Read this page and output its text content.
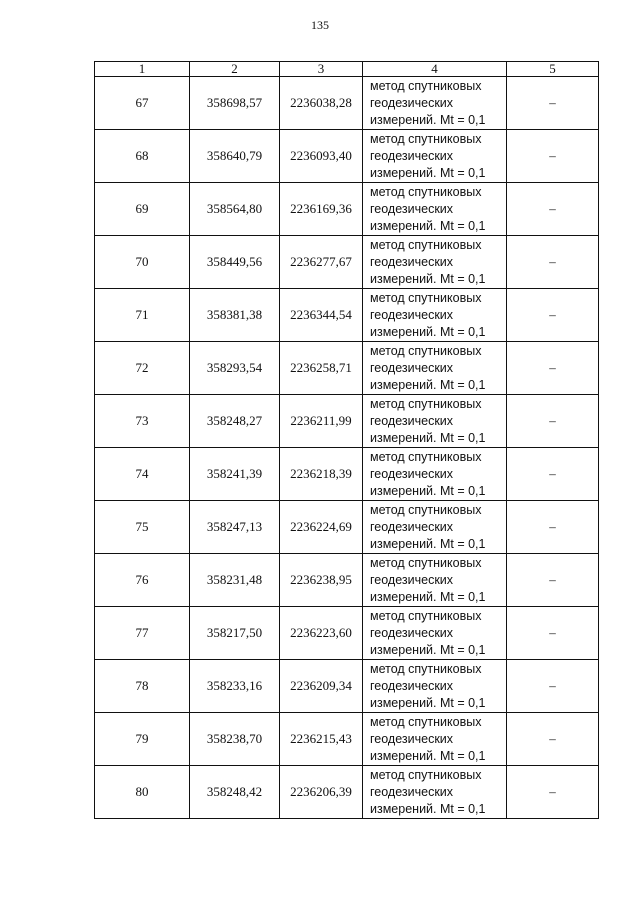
135
1	2	3	4	5
67	358698,57	2236038,28	метод спутниковых
геодезических
измерений. Mt = 0,1	–
68	358640,79	2236093,40	метод спутниковых
геодезических
измерений. Mt = 0,1	–
69	358564,80	2236169,36	метод спутниковых
геодезических
измерений. Mt = 0,1	–
70	358449,56	2236277,67	метод спутниковых
геодезических
измерений. Mt = 0,1	–
71	358381,38	2236344,54	метод спутниковых
геодезических
измерений. Mt = 0,1	–
72	358293,54	2236258,71	метод спутниковых
геодезических
измерений. Mt = 0,1	–
73	358248,27	2236211,99	метод спутниковых
геодезических
измерений. Mt = 0,1	–
74	358241,39	2236218,39	метод спутниковых
геодезических
измерений. Mt = 0,1	–
75	358247,13	2236224,69	метод спутниковых
геодезических
измерений. Mt = 0,1	–
76	358231,48	2236238,95	метод спутниковых
геодезических
измерений. Mt = 0,1	–
77	358217,50	2236223,60	метод спутниковых
геодезических
измерений. Mt = 0,1	–
78	358233,16	2236209,34	метод спутниковых
геодезических
измерений. Mt = 0,1	–
79	358238,70	2236215,43	метод спутниковых
геодезических
измерений. Mt = 0,1	–
80	358248,42	2236206,39	метод спутниковых
геодезических
измерений. Mt = 0,1	–
